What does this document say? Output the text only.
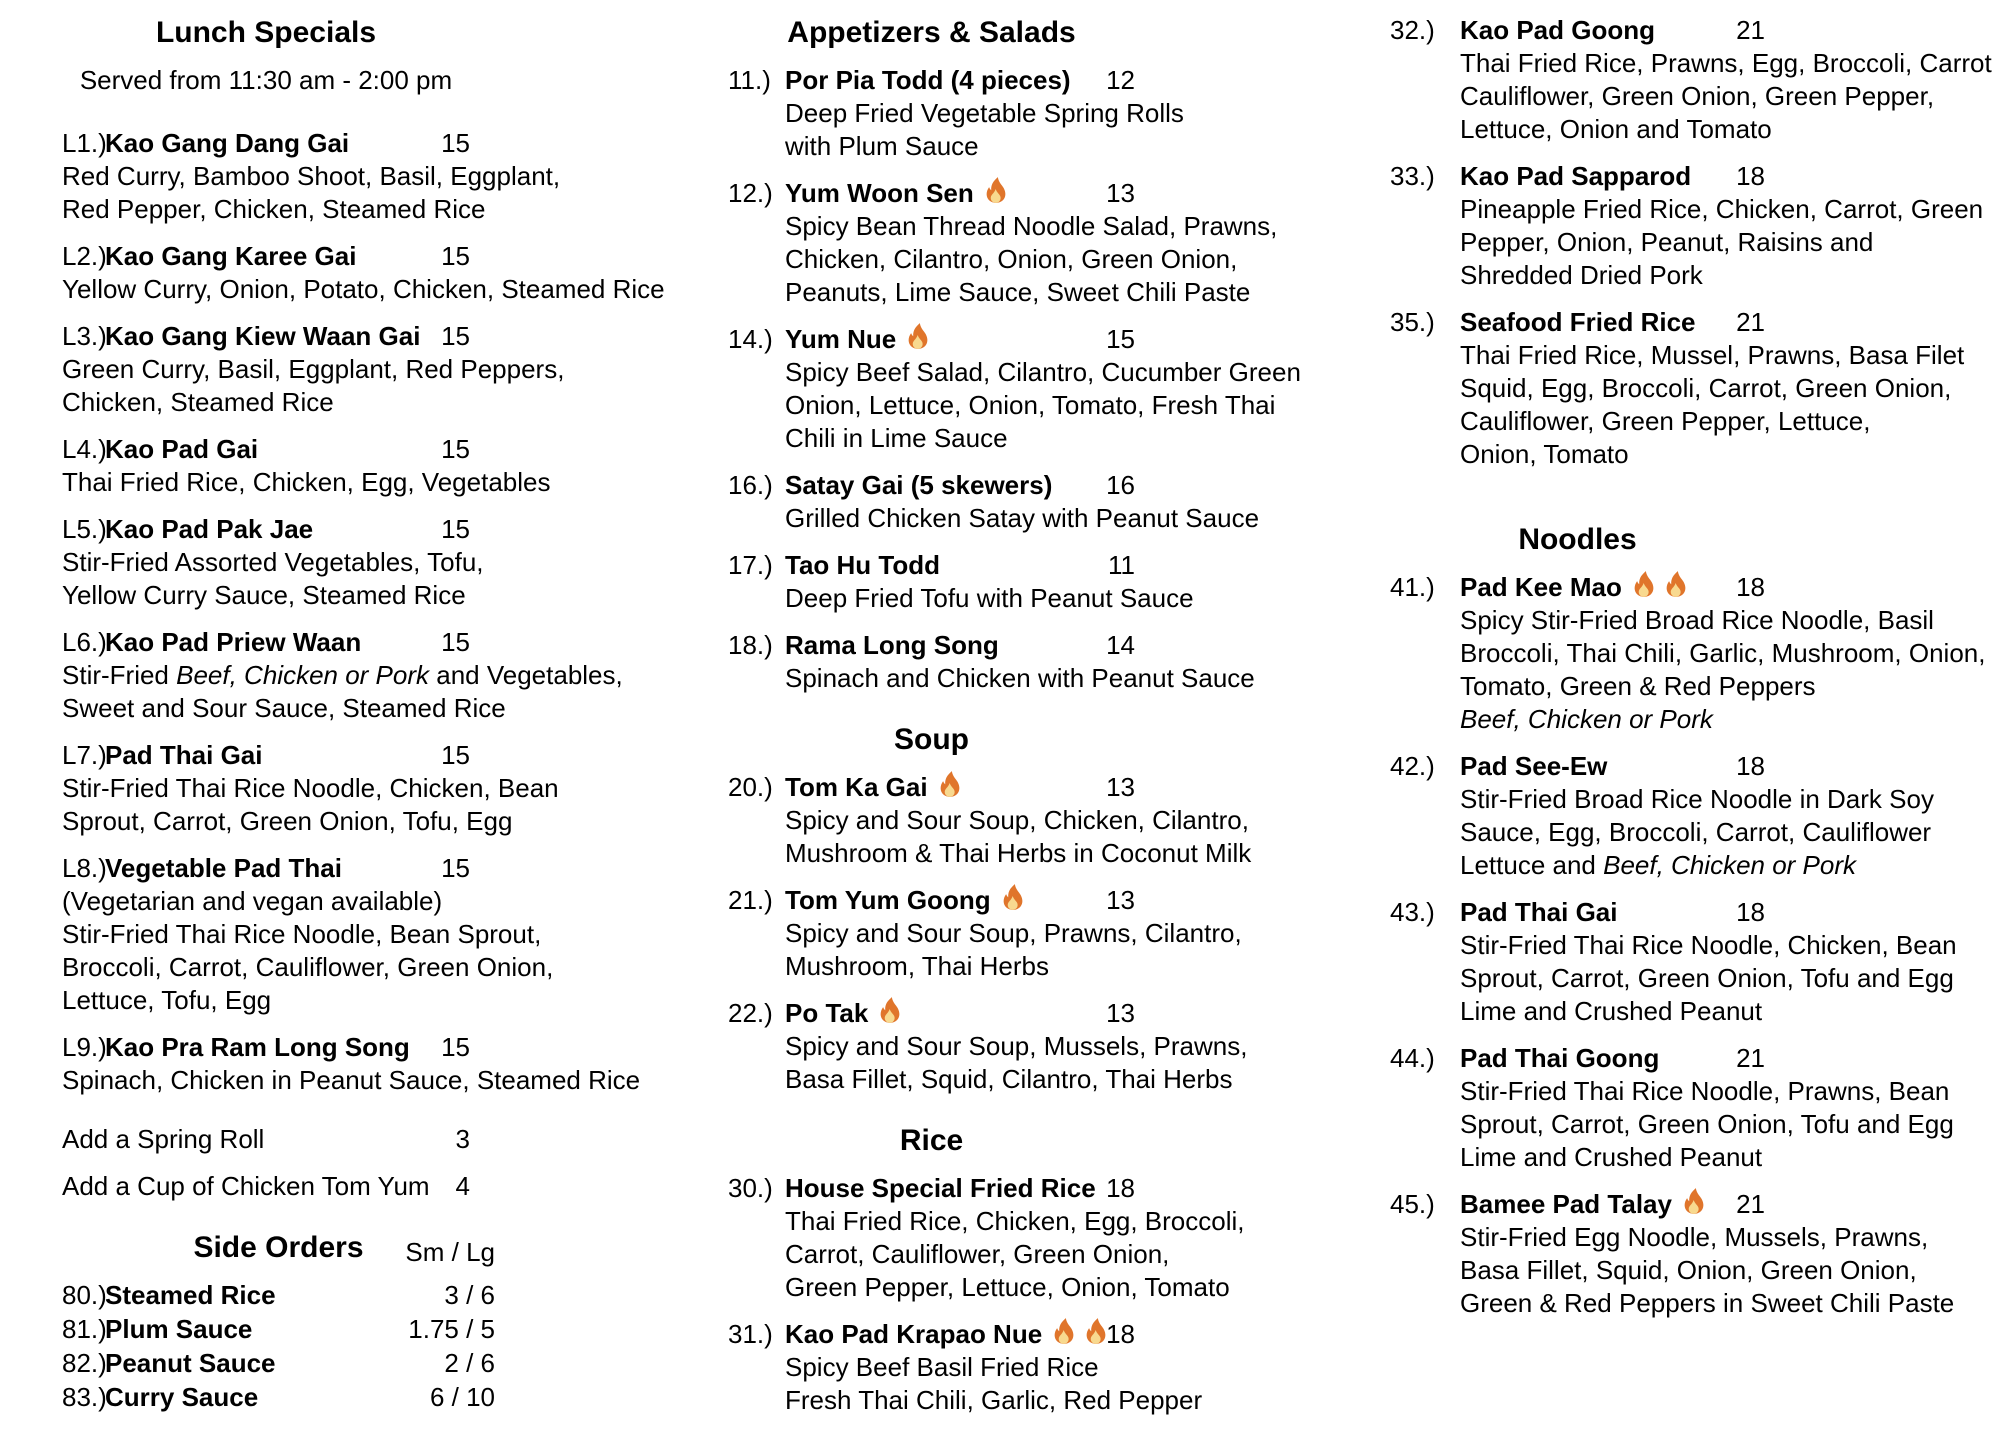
Lunch Specials
Served from 11:30 am - 2:00 pm
L1.)Kao Gang Dang Gai	15
Red Curry, Bamboo Shoot, Basil, Eggplant,
Red Pepper, Chicken, Steamed Rice
L2.)Kao Gang Karee Gai	15
Yellow Curry, Onion, Potato, Chicken, Steamed Rice
L3.)Kao Gang Kiew Waan Gai 15
Green Curry, Basil, Eggplant, Red Peppers,
Chicken, Steamed Rice
L4.)Kao Pad Gai	15
Thai Fried Rice, Chicken, Egg, Vegetables
L5.)Kao Pad Pak Jae	15
Stir-Fried Assorted Vegetables, Tofu,
Yellow Curry Sauce, Steamed Rice
L6.)Kao Pad Priew Waan	15
Stir-Fried Beef, Chicken or Pork and Vegetables,
Sweet and Sour Sauce, Steamed Rice
L7.)Pad Thai Gai	15
Stir-Fried Thai Rice Noodle, Chicken, Bean
Sprout, Carrot, Green Onion, Tofu, Egg
L8.)Vegetable Pad Thai	15
(Vegetarian and vegan available)
Stir-Fried Thai Rice Noodle, Bean Sprout,
Broccoli, Carrot, Cauliflower, Green Onion,
Lettuce, Tofu, Egg
L9.)Kao Pra Ram Long Song	15
Spinach, Chicken in Peanut Sauce, Steamed Rice
Add a Spring Roll	3
Add a Cup of Chicken Tom Yum 4
Side Orders	Sm / Lg
80.)Steamed Rice	3 / 6
81.)Plum Sauce	1.75 / 5
82.)Peanut Sauce	2 / 6
83.)Curry Sauce	6 / 10
Appetizers & Salads
11.) Por Pia Todd (4 pieces)	12
Deep Fried Vegetable Spring Rolls
with Plum Sauce
12.) Yum Woon Sen	13
Spicy Bean Thread Noodle Salad, Prawns,
Chicken, Cilantro, Onion, Green Onion,
Peanuts, Lime Sauce, Sweet Chili Paste
14.) Yum Nue	15
Spicy Beef Salad, Cilantro, Cucumber Green
Onion, Lettuce, Onion, Tomato, Fresh Thai
Chili in Lime Sauce
16.) Satay Gai (5 skewers)	16
Grilled Chicken Satay with Peanut Sauce
17.) Tao Hu Todd	11
Deep Fried Tofu with Peanut Sauce
18.) Rama Long Song	14
Spinach and Chicken with Peanut Sauce
Soup
20.) Tom Ka Gai	13
Spicy and Sour Soup, Chicken, Cilantro,
Mushroom & Thai Herbs in Coconut Milk
21.) Tom Yum Goong	13
Spicy and Sour Soup, Prawns, Cilantro,
Mushroom, Thai Herbs
22.) Po Tak	13
Spicy and Sour Soup, Mussels, Prawns,
Basa Fillet, Squid, Cilantro, Thai Herbs
Rice
30.) House Special Fried Rice 18
Thai Fried Rice, Chicken, Egg, Broccoli,
Carrot, Cauliflower, Green Onion,
Green Pepper, Lettuce, Onion, Tomato
31.) Kao Pad Krapao Nue	18
Spicy Beef Basil Fried Rice
Fresh Thai Chili, Garlic, Red Pepper
32.) Kao Pad Goong	21
Thai Fried Rice, Prawns, Egg, Broccoli, Carrot
Cauliflower, Green Onion, Green Pepper,
Lettuce, Onion and Tomato
33.) Kao Pad Sapparod	18
Pineapple Fried Rice, Chicken, Carrot, Green
Pepper, Onion, Peanut, Raisins and
Shredded Dried Pork
35.) Seafood Fried Rice	21
Thai Fried Rice, Mussel, Prawns, Basa Filet
Squid, Egg, Broccoli, Carrot, Green Onion,
Cauliflower, Green Pepper, Lettuce,
Onion, Tomato
Noodles
41.) Pad Kee Mao	18
Spicy Stir-Fried Broad Rice Noodle, Basil
Broccoli, Thai Chili, Garlic, Mushroom, Onion,
Tomato, Green & Red Peppers
Beef, Chicken or Pork
42.) Pad See-Ew	18
Stir-Fried Broad Rice Noodle in Dark Soy
Sauce, Egg, Broccoli, Carrot, Cauliflower
Lettuce and Beef, Chicken or Pork
43.) Pad Thai Gai	18
Stir-Fried Thai Rice Noodle, Chicken, Bean
Sprout, Carrot, Green Onion, Tofu and Egg
Lime and Crushed Peanut
44.) Pad Thai Goong	21
Stir-Fried Thai Rice Noodle, Prawns, Bean
Sprout, Carrot, Green Onion, Tofu and Egg
Lime and Crushed Peanut
45.) Bamee Pad Talay	21
Stir-Fried Egg Noodle, Mussels, Prawns,
Basa Fillet, Squid, Onion, Green Onion,
Green & Red Peppers in Sweet Chili Paste
